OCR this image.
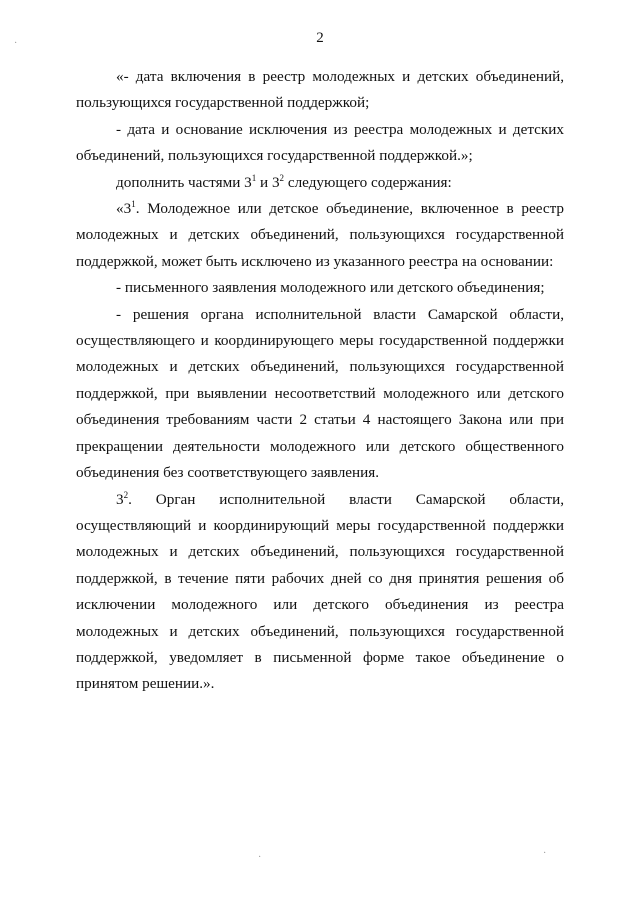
2

«- дата включения в реестр молодежных и детских объединений, пользующихся государственной поддержкой;

- дата и основание исключения из реестра молодежных и детских объединений, пользующихся государственной поддержкой.»;

дополнить частями $3^1$ и $3^2$ следующего содержания:

«$3^1$. Молодежное или детское объединение, включенное в реестр молодежных и детских объединений, пользующихся государственной поддержкой, может быть исключено из указанного реестра на основании:

- письменного заявления молодежного или детского объединения;

- решения органа исполнительной власти Самарской области, осуществляющего и координирующего меры государственной поддержки молодежных и детских объединений, пользующихся государственной поддержкой, при выявлении несоответствий молодежного или детского объединения требованиям части 2 статьи 4 настоящего Закона или при прекращении деятельности молодежного или детского общественного объединения без соответствующего заявления.

$3^2$. Орган исполнительной власти Самарской области, осуществляющий и координирующий меры государственной поддержки молодежных и детских объединений, пользующихся государственной поддержкой, в течение пяти рабочих дней со дня принятия решения об исключении молодежного или детского объединения из реестра молодежных и детских объединений, пользующихся государственной поддержкой, уведомляет в письменной форме такое объединение о принятом решении.».

·
·	·
